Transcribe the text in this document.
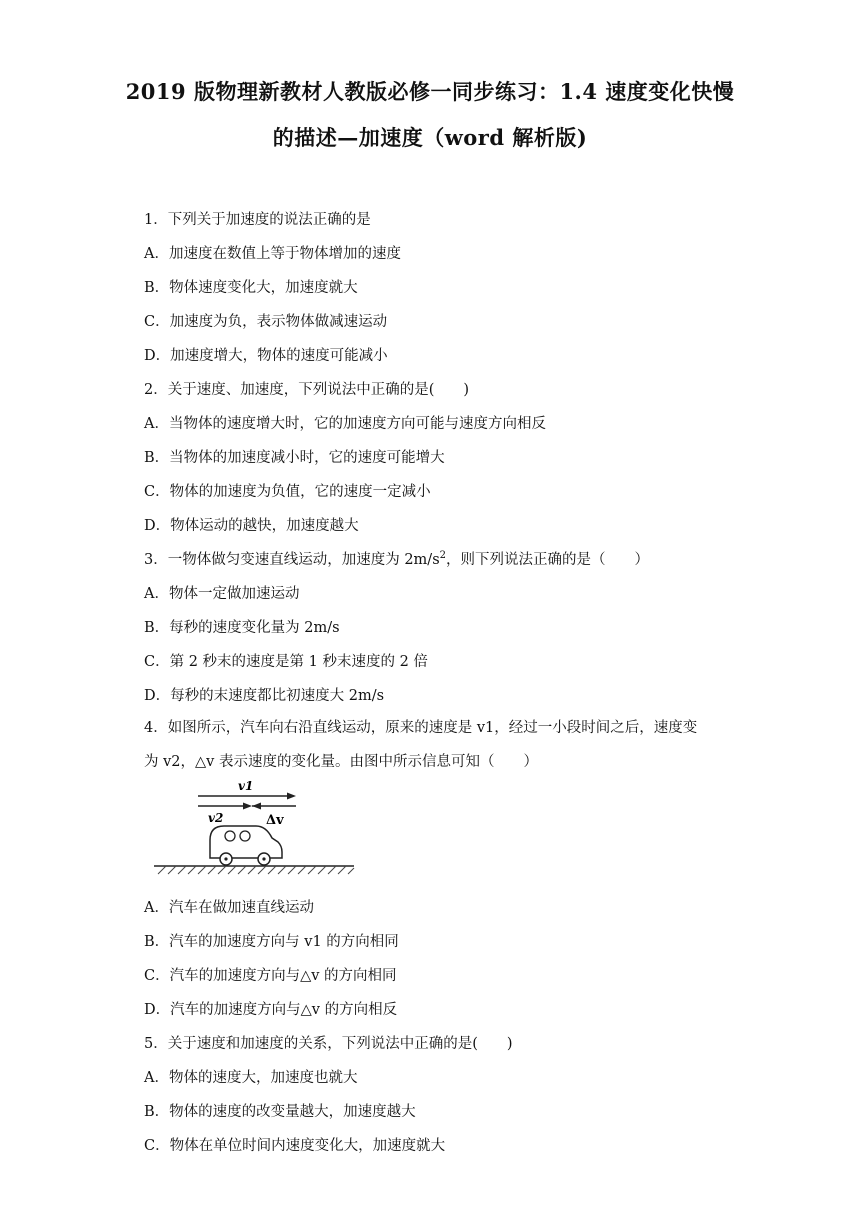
2019 版物理新教材人教版必修一同步练习：1.4 速度变化快慢
的描述—加速度（word 解析版)
1．下列关于加速度的说法正确的是
A．加速度在数值上等于物体增加的速度
B．物体速度变化大，加速度就大
C．加速度为负，表示物体做减速运动
D．加速度增大，物体的速度可能减小
2．关于速度、加速度，下列说法中正确的是(　　)
A．当物体的速度增大时，它的加速度方向可能与速度方向相反
B．当物体的加速度减小时，它的速度可能增大
C．物体的加速度为负值，它的速度一定减小
D．物体运动的越快，加速度越大
3．一物体做匀变速直线运动，加速度为 $2m/s^2$，则下列说法正确的是（　　）
A．物体一定做加速运动
B．每秒的速度变化量为 2m/s
C．第 2 秒末的速度是第 1 秒末速度的 2 倍
D．每秒的末速度都比初速度大 2m/s
4．如图所示，汽车向右沿直线运动，原来的速度是 v1，经过一小段时间之后，速度变
为 v2，△v 表示速度的变化量。由图中所示信息可知（　　）
v1
v2	Δv
A．汽车在做加速直线运动
B．汽车的加速度方向与 v1 的方向相同
C．汽车的加速度方向与△v 的方向相同
D．汽车的加速度方向与△v 的方向相反
5．关于速度和加速度的关系，下列说法中正确的是(　　)
A．物体的速度大，加速度也就大
B．物体的速度的改变量越大，加速度越大
C．物体在单位时间内速度变化大，加速度就大
